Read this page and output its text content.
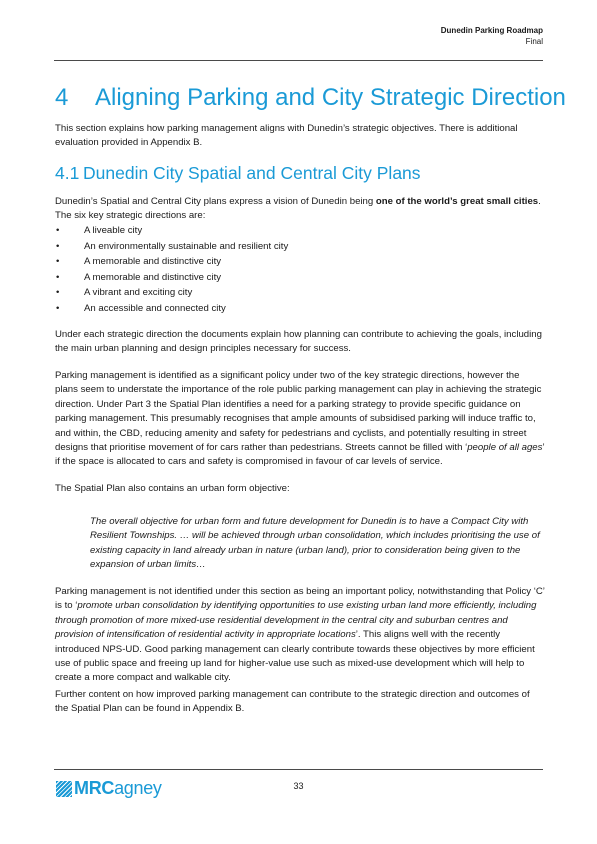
Dunedin Parking Roadmap
Final
4 Aligning Parking and City Strategic Direction
This section explains how parking management aligns with Dunedin’s strategic objectives. There is additional evaluation provided in Appendix B.
4.1 Dunedin City Spatial and Central City Plans
Dunedin’s Spatial and Central City plans express a vision of Dunedin being one of the world’s great small cities. The six key strategic directions are:
•	A liveable city
•	An environmentally sustainable and resilient city
•	A memorable and distinctive city
•	A memorable and distinctive city
•	A vibrant and exciting city
•	An accessible and connected city
Under each strategic direction the documents explain how planning can contribute to achieving the goals, including the main urban planning and design principles necessary for success.
Parking management is identified as a significant policy under two of the key strategic directions, however the plans seem to understate the importance of the role public parking management can play in achieving the strategic direction. Under Part 3 the Spatial Plan identifies a need for a parking strategy to provide specific guidance on parking management. This presumably recognises that ample amounts of subsidised parking will induce traffic to, and within, the CBD, reducing amenity and safety for pedestrians and cyclists, and potentially resulting in street designs that prioritise movement of for cars rather than pedestrians. Streets cannot be filled with ‘people of all ages’ if the space is allocated to cars and safety is compromised in favour of car levels of service.
The Spatial Plan also contains an urban form objective:
The overall objective for urban form and future development for Dunedin is to have a Compact City with Resilient Townships. … will be achieved through urban consolidation, which includes prioritising the use of existing capacity in land already urban in nature (urban land), prior to consideration being given to the expansion of urban limits…
Parking management is not identified under this section as being an important policy, notwithstanding that Policy ‘C’ is to ‘promote urban consolidation by identifying opportunities to use existing urban land more efficiently, including through promotion of more mixed-use residential development in the central city and suburban centres and provision of intensification of residential activity in appropriate locations’. This aligns well with the recently introduced NPS-UD. Good parking management can clearly contribute towards these objectives by more efficient use of public space and freeing up land for higher-value use such as mixed-use development which will help to create a more compact and walkable city.
Further content on how improved parking management can contribute to the strategic direction and outcomes of the Spatial Plan can be found in Appendix B.
MRCagney	33
